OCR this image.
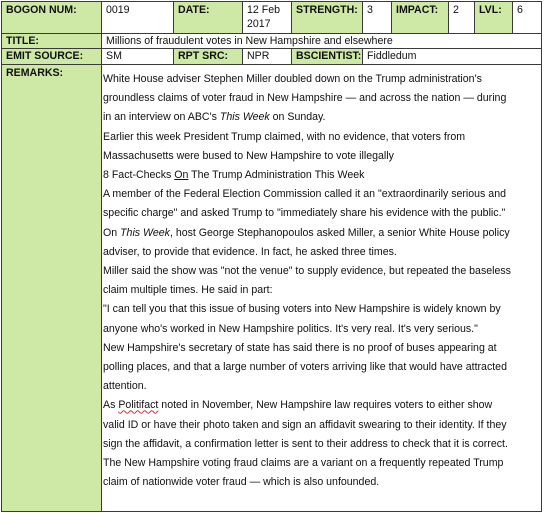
BOGON NUM:	0019	DATE:	12 Feb
2017
STRENGTH: 3	IMPACT:	2	LVL:	6
TITLE:	Millions of fraudulent votes in New Hampshire and elsewhere
EMIT SOURCE:	SM	RPT SRC:	NPR	BSCIENTIST: Fiddledum
REMARKS:	White House adviser Stephen Miller doubled down on the Trump administration's

groundless claims of voter fraud in New Hampshire — and across the nation — during

in an interview on ABC's This Week on Sunday.

Earlier this week President Trump claimed, with no evidence, that voters from

Massachusetts were bused to New Hampshire to vote illegally

8 Fact-Checks On The Trump Administration This Week

A member of the Federal Election Commission called it an "extraordinarily serious and

specific charge" and asked Trump to "immediately share his evidence with the public."

On This Week, host George Stephanopoulos asked Miller, a senior White House policy

adviser, to provide that evidence. In fact, he asked three times.

Miller said the show was "not the venue" to supply evidence, but repeated the baseless

claim multiple times. He said in part:

"I can tell you that this issue of busing voters into New Hampshire is widely known by

anyone who's worked in New Hampshire politics. It's very real. It's very serious."

New Hampshire's secretary of state has said there is no proof of buses appearing at

polling places, and that a large number of voters arriving like that would have attracted

attention.

As Politifact noted in November, New Hampshire law requires voters to either show

valid ID or have their photo taken and sign an affidavit swearing to their identity. If they

sign the affidavit, a confirmation letter is sent to their address to check that it is correct.

The New Hampshire voting fraud claims are a variant on a frequently repeated Trump

claim of nationwide voter fraud — which is also unfounded.
